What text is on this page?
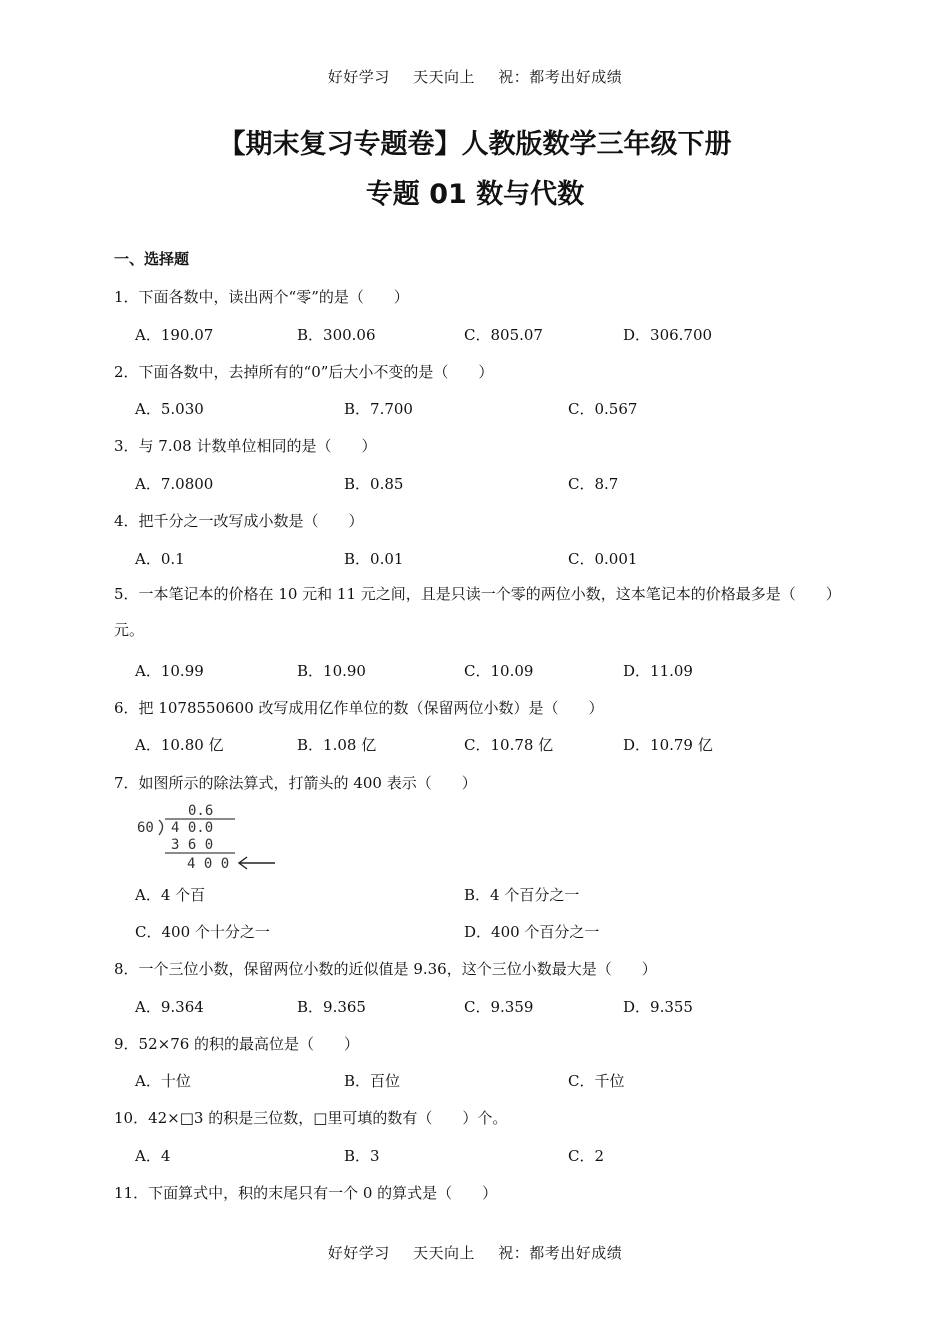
好好学习 天天向上 祝：都考出好成绩
【期末复习专题卷】人教版数学三年级下册
专题 01 数与代数
一、选择题
1．下面各数中，读出两个“零”的是（　　）
A．190.07	B．300.06	C．805.07	D．306.700
2．下面各数中，去掉所有的“0”后大小不变的是（　　）
A．5.030	B．7.700	C．0.567
3．与 7.08 计数单位相同的是（　　）
A．7.0800	B．0.85	C．8.7
4．把千分之一改写成小数是（　　）
A．0.1	B．0.01	C．0.001
5．一本笔记本的价格在 10 元和 11 元之间，且是只读一个零的两位小数，这本笔记本的价格最多是（　　）元。
A．10.99	B．10.90	C．10.09	D．11.09
6．把 1078550600 改写成用亿作单位的数（保留两位小数）是（　　）
A．10.80 亿	B．1.08 亿	C．10.78 亿	D．10.79 亿
7．如图所示的除法算式，打箭头的 400 表示（　　）
0.6
60 4 0.0
3 6 0
4 0 0
A．4 个百	B．4 个百分之一
C．400 个十分之一	D．400 个百分之一
8．一个三位小数，保留两位小数的近似值是 9.36，这个三位小数最大是（　　）
A．9.364	B．9.365	C．9.359	D．9.355
9．52×76 的积的最高位是（　　）
A．十位	B．百位	C．千位
10．42×□3 的积是三位数，□里可填的数有（　　）个。
A．4	B．3	C．2
11．下面算式中，积的末尾只有一个 0 的算式是（　　）
好好学习 天天向上 祝：都考出好成绩
